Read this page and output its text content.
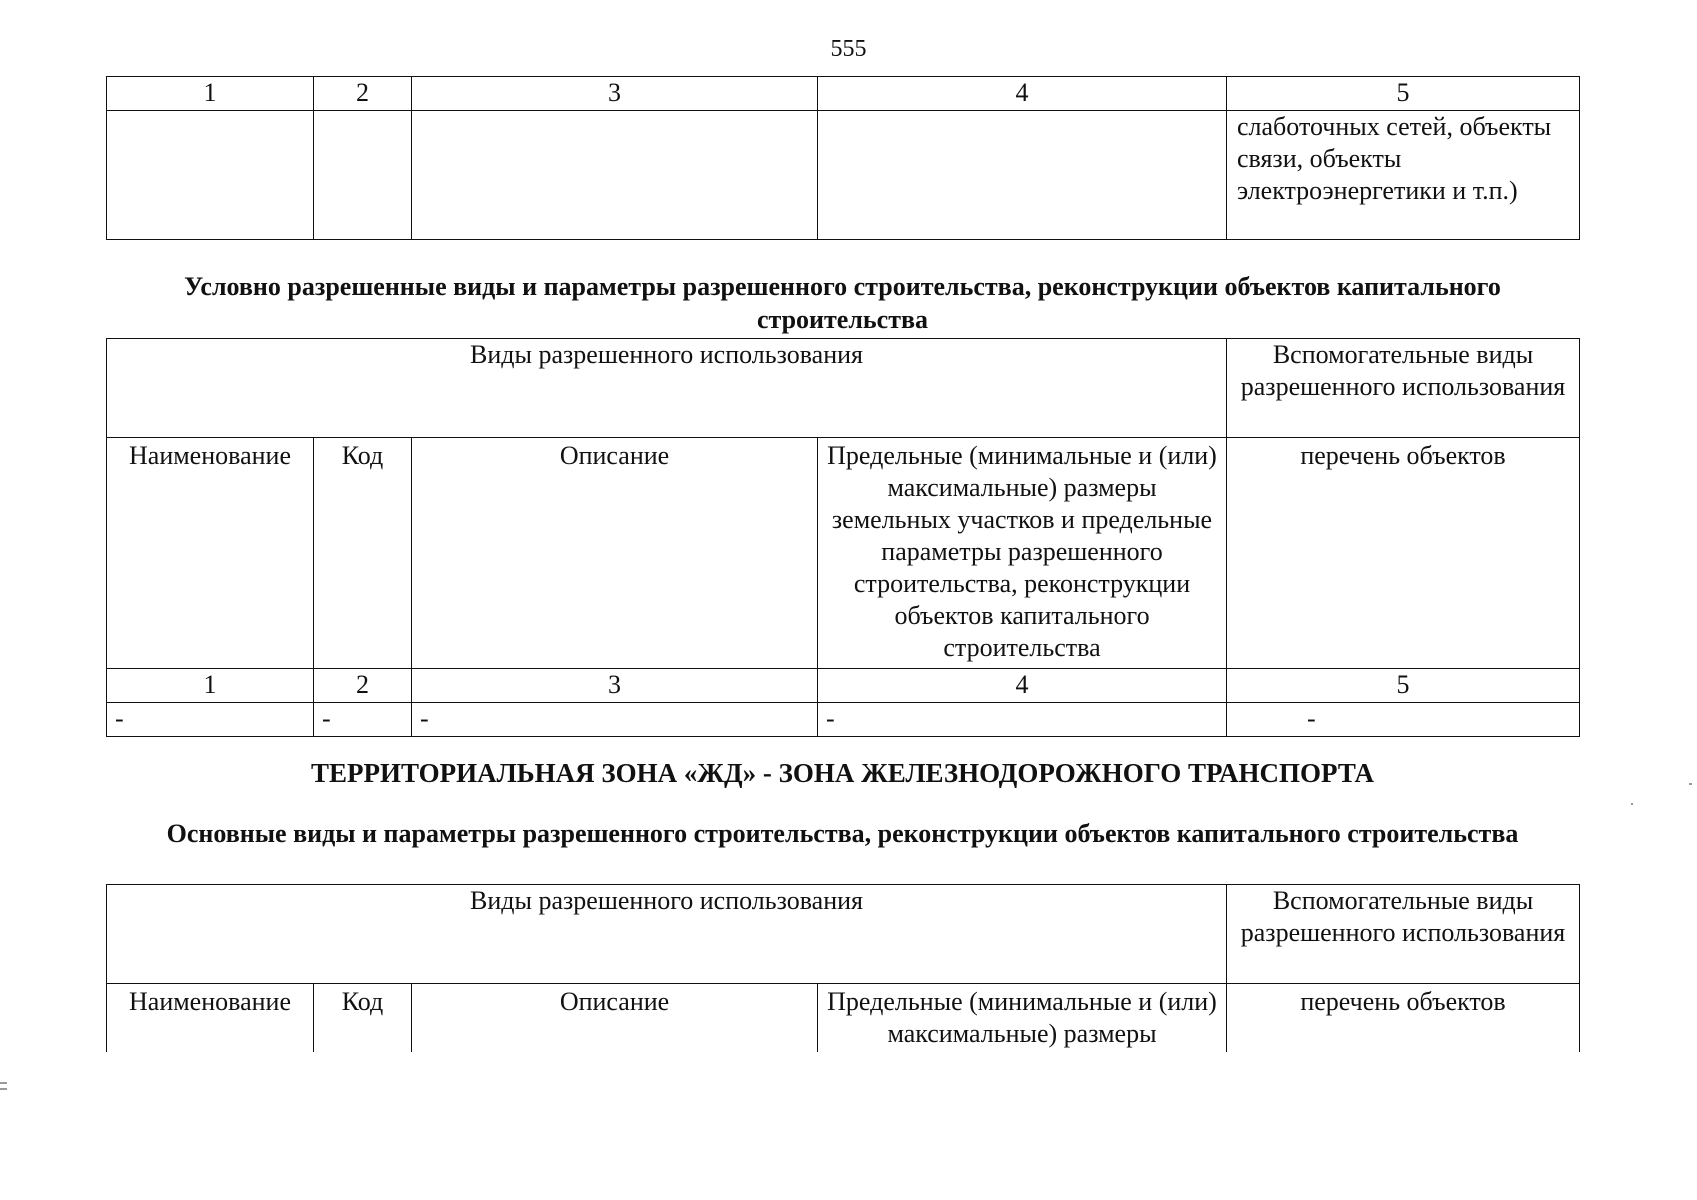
555
1	2	3	4	5
				слаботочных сетей, объекты связи, объекты электроэнергетики и т.п.)
Условно разрешенные виды и параметры разрешенного строительства, реконструкции объектов капитального строительства
Виды разрешенного использования				Вспомогательные виды разрешенного использования
Наименование	Код	Описание	Предельные (минимальные и (или) максимальные) размеры земельных участков и предельные параметры разрешенного строительства, реконструкции объектов капитального строительства	перечень объектов
1	2	3	4	5
-	-	-	-	-
ТЕРРИТОРИАЛЬНАЯ ЗОНА «ЖД» - ЗОНА ЖЕЛЕЗНОДОРОЖНОГО ТРАНСПОРТА
Основные виды и параметры разрешенного строительства, реконструкции объектов капитального строительства
Виды разрешенного использования				Вспомогательные виды разрешенного использования
Наименование	Код	Описание	Предельные (минимальные и (или) максимальные) размеры	перечень объектов
